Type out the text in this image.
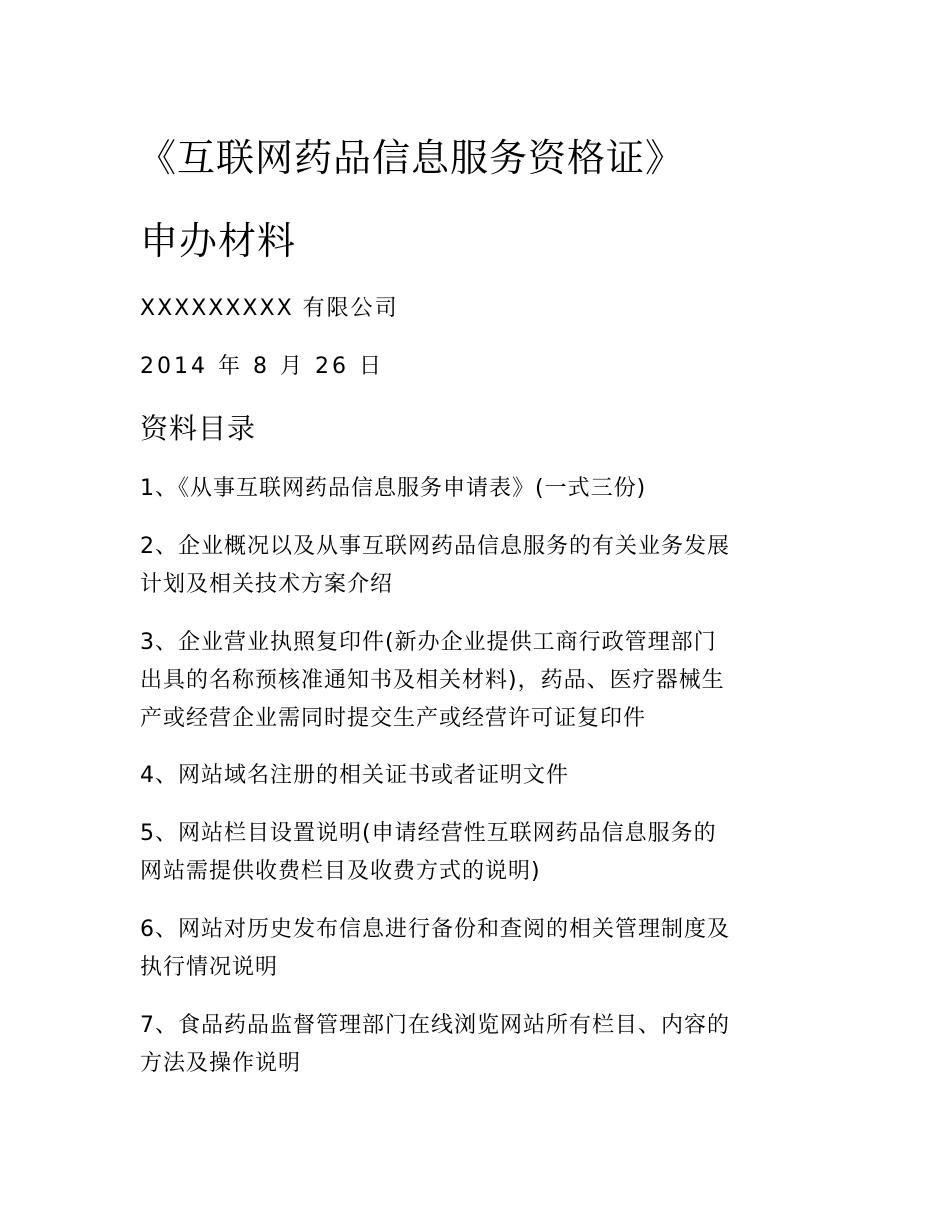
《互联网药品信息服务资格证》
申办材料
XXXXXXXXX 有限公司
2014 年 8 月 26 日
资料目录
1、《从事互联网药品信息服务申请表》(一式三份)
2、企业概况以及从事互联网药品信息服务的有关业务发展
计划及相关技术方案介绍
3、企业营业执照复印件(新办企业提供工商行政管理部门
出具的名称预核准通知书及相关材料)，药品、医疗器械生
产或经营企业需同时提交生产或经营许可证复印件
4、网站域名注册的相关证书或者证明文件
5、网站栏目设置说明(申请经营性互联网药品信息服务的
网站需提供收费栏目及收费方式的说明)
6、网站对历史发布信息进行备份和查阅的相关管理制度及
执行情况说明
7、食品药品监督管理部门在线浏览网站所有栏目、内容的
方法及操作说明
